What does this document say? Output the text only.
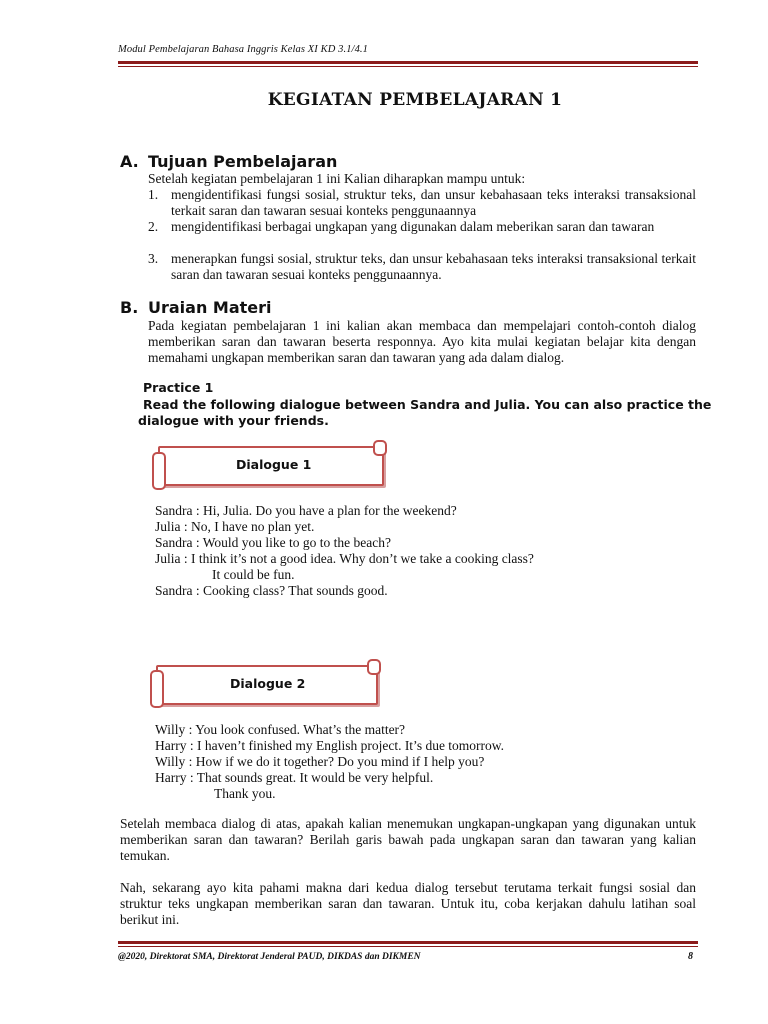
Modul Pembelajaran Bahasa Inggris Kelas XI KD 3.1/4.1
KEGIATAN PEMBELAJARAN 1
A. Tujuan Pembelajaran
Setelah kegiatan pembelajaran 1 ini Kalian diharapkan mampu untuk:
1. mengidentifikasi fungsi sosial, struktur teks, dan unsur kebahasaan teks interaksi transaksional terkait saran dan tawaran sesuai konteks penggunaannya
2. mengidentifikasi berbagai ungkapan yang digunakan dalam meberikan saran dan tawaran
3. menerapkan fungsi sosial, struktur teks, dan unsur kebahasaan teks interaksi transaksional terkait saran dan tawaran sesuai konteks penggunaannya.
B. Uraian Materi
Pada kegiatan pembelajaran 1 ini kalian akan membaca dan mempelajari contoh-contoh dialog memberikan saran dan tawaran beserta responnya. Ayo kita mulai kegiatan belajar kita dengan memahami ungkapan memberikan saran dan tawaran yang ada dalam dialog.
Practice 1
Read the following dialogue between Sandra and Julia. You can also practice the
dialogue with your friends.
Dialogue 1
Sandra : Hi, Julia. Do you have a plan for the weekend?
Julia : No, I have no plan yet.
Sandra : Would you like to go to the beach?
Julia : I think it’s not a good idea. Why don’t we take a cooking class?
It could be fun.
Sandra : Cooking class? That sounds good.
Dialogue 2
Willy : You look confused. What’s the matter?
Harry : I haven’t finished my English project. It’s due tomorrow.
Willy : How if we do it together? Do you mind if I help you?
Harry : That sounds great. It would be very helpful.
Thank you.
Setelah membaca dialog di atas, apakah kalian menemukan ungkapan-ungkapan yang digunakan untuk memberikan saran dan tawaran? Berilah garis bawah pada ungkapan saran dan tawaran yang kalian temukan.
Nah, sekarang ayo kita pahami makna dari kedua dialog tersebut terutama terkait fungsi sosial dan struktur teks ungkapan memberikan saran dan tawaran. Untuk itu, coba kerjakan dahulu latihan soal berikut ini.
@2020, Direktorat SMA, Direktorat Jenderal PAUD, DIKDAS dan DIKMEN	8
